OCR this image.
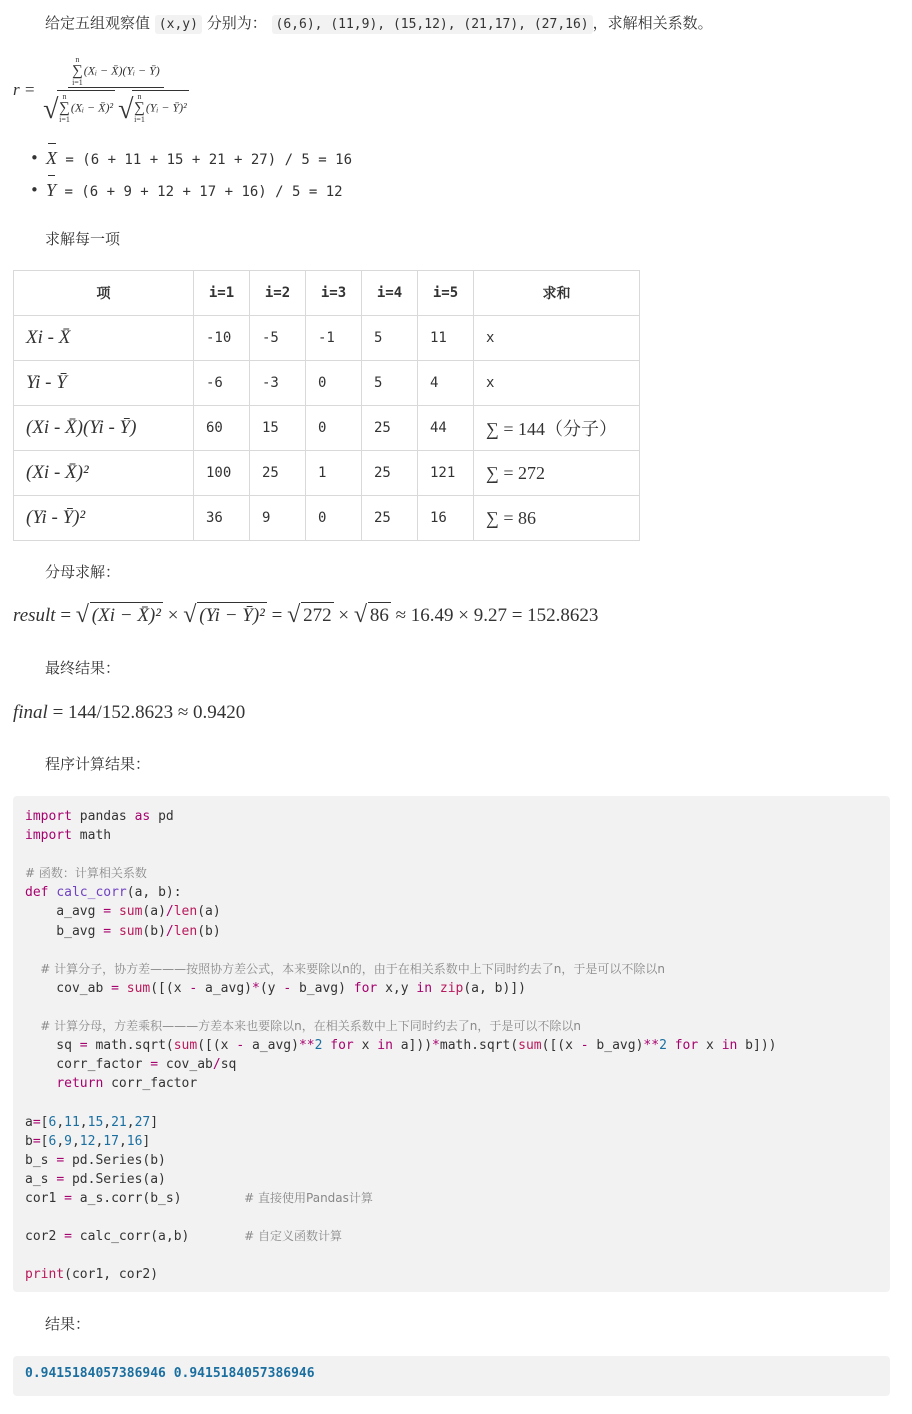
给定五组观察值 (x,y) 分别为： (6,6), (11,9), (15,12), (21,17), (27,16) ，求解相关系数。
r = n
∑
i=1
(Xᵢ − X̄)(Yᵢ − Ȳ)
√ n
∑
i=1
(Xᵢ − X̄)² √ n
∑
i=1
(Yᵢ − Ȳ)²
• X = (6 + 11 + 15 + 21 + 27) / 5 = 16
• Y = (6 + 9 + 12 + 17 + 16) / 5 = 12
求解每一项
项	i=1	i=2	i=3	i=4	i=5	求和
Xi - X̄	-10	-5	-1	5	11	x
Yi - Ȳ	-6	-3	0	5	4	x
(Xi - X̄)(Yi - Ȳ)	60	15	0	25	44	∑ = 144（分子）
(Xi - X̄)²	100	25	1	25	121	∑ = 272
(Yi - Ȳ)²	36	9	0	25	16	∑ = 86
分母求解：
result = √ (Xi − X̄)² × √ (Yi − Ȳ)² = √ 272 × √ 86 ≈ 16.49 × 9.27 = 152.8623
最终结果：
final = 144/152.8623 ≈ 0.9420
程序计算结果：
import pandas as pd
import math

# 函数：计算相关系数
def calc_corr(a, b):
a_avg = sum(a)/len(a)
b_avg = sum(b)/len(b)

# 计算分子，协方差———按照协方差公式，本来要除以n的，由于在相关系数中上下同时约去了n，于是可以不除以n
cov_ab = sum([(x - a_avg)*(y - b_avg) for x,y in zip(a, b)])

# 计算分母，方差乘积———方差本来也要除以n，在相关系数中上下同时约去了n，于是可以不除以n
sq = math.sqrt(sum([(x - a_avg)**2 for x in a]))*math.sqrt(sum([(x - b_avg)**2 for x in b]))
corr_factor = cov_ab/sq
return corr_factor

a=[6,11,15,21,27]
b=[6,9,12,17,16]
b_s = pd.Series(b)
a_s = pd.Series(a)
cor1 = a_s.corr(b_s)        # 直接使用Pandas计算

cor2 = calc_corr(a,b)       # 自定义函数计算

print(cor1, cor2)
结果：
0.9415184057386946 0.9415184057386946
